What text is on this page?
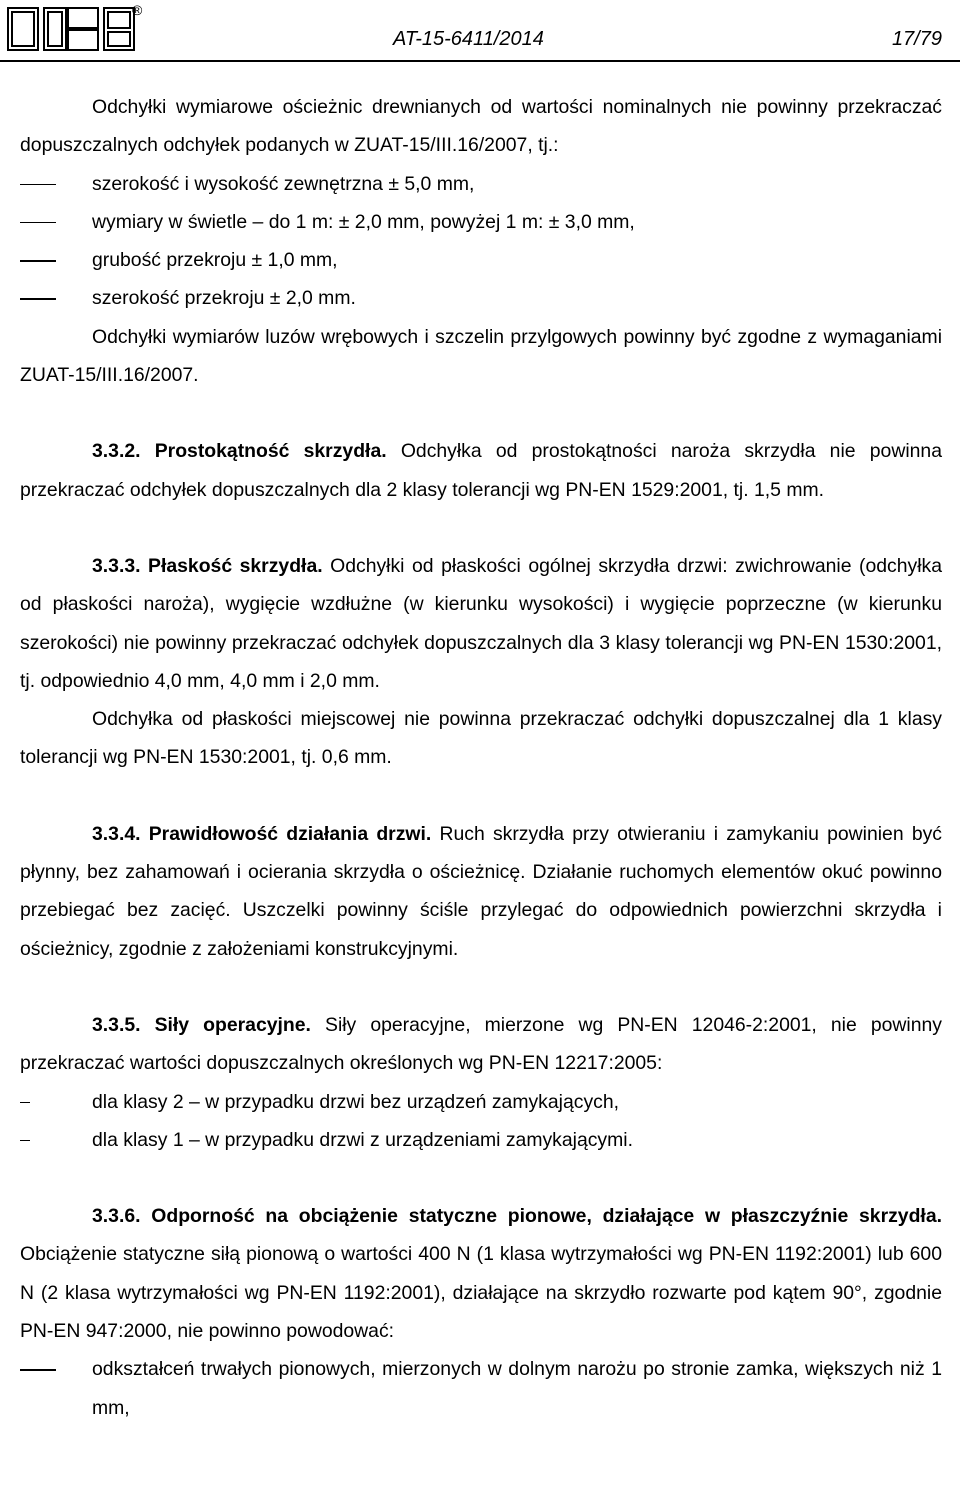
®
AT-15-6411/2014	17/79

Odchyłki wymiarowe ościeżnic drewnianych od wartości nominalnych nie powinny przekraczać dopuszczalnych odchyłek podanych w ZUAT-15/III.16/2007, tj.:

szerokość i wysokość zewnętrzna ± 5,0 mm,
wymiary w świetle – do 1 m: ± 2,0 mm, powyżej 1 m: ± 3,0 mm,
grubość przekroju ± 1,0 mm,
szerokość przekroju ± 2,0 mm.

Odchyłki wymiarów luzów wrębowych i szczelin przylgowych powinny być zgodne z wymaganiami ZUAT-15/III.16/2007.

3.3.2. Prostokątność skrzydła. Odchyłka od prostokątności naroża skrzydła nie powinna przekraczać odchyłek dopuszczalnych dla 2 klasy tolerancji wg PN-EN 1529:2001, tj. 1,5 mm.

3.3.3. Płaskość skrzydła. Odchyłki od płaskości ogólnej skrzydła drzwi: zwichrowanie (odchyłka od płaskości naroża), wygięcie wzdłużne (w kierunku wysokości) i wygięcie poprzeczne (w kierunku szerokości) nie powinny przekraczać odchyłek dopuszczalnych dla 3 klasy tolerancji wg PN-EN 1530:2001, tj. odpowiednio 4,0 mm, 4,0 mm i 2,0 mm.

Odchyłka od płaskości miejscowej nie powinna przekraczać odchyłki dopuszczalnej dla 1 klasy tolerancji wg PN-EN 1530:2001, tj. 0,6 mm.

3.3.4. Prawidłowość działania drzwi. Ruch skrzydła przy otwieraniu i zamykaniu powinien być płynny, bez zahamowań i ocierania skrzydła o ościeżnicę. Działanie ruchomych elementów okuć powinno przebiegać bez zacięć. Uszczelki powinny ściśle przylegać do odpowiednich powierzchni skrzydła i ościeżnicy, zgodnie z założeniami konstrukcyjnymi.

3.3.5. Siły operacyjne. Siły operacyjne, mierzone wg PN-EN 12046-2:2001, nie powinny przekraczać wartości dopuszczalnych określonych wg PN-EN 12217:2005:

dla klasy 2 – w przypadku drzwi bez urządzeń zamykających,
dla klasy 1 – w przypadku drzwi z urządzeniami zamykającymi.

3.3.6. Odporność na obciążenie statyczne pionowe, działające w płaszczyźnie skrzydła. Obciążenie statyczne siłą pionową o wartości 400 N (1 klasa wytrzymałości wg PN-EN 1192:2001) lub 600 N (2 klasa wytrzymałości wg PN-EN 1192:2001), działające na skrzydło rozwarte pod kątem 90°, zgodnie PN-EN 947:2000, nie powinno powodować:

odkształceń trwałych pionowych, mierzonych w dolnym narożu po stronie zamka, większych niż 1 mm,
